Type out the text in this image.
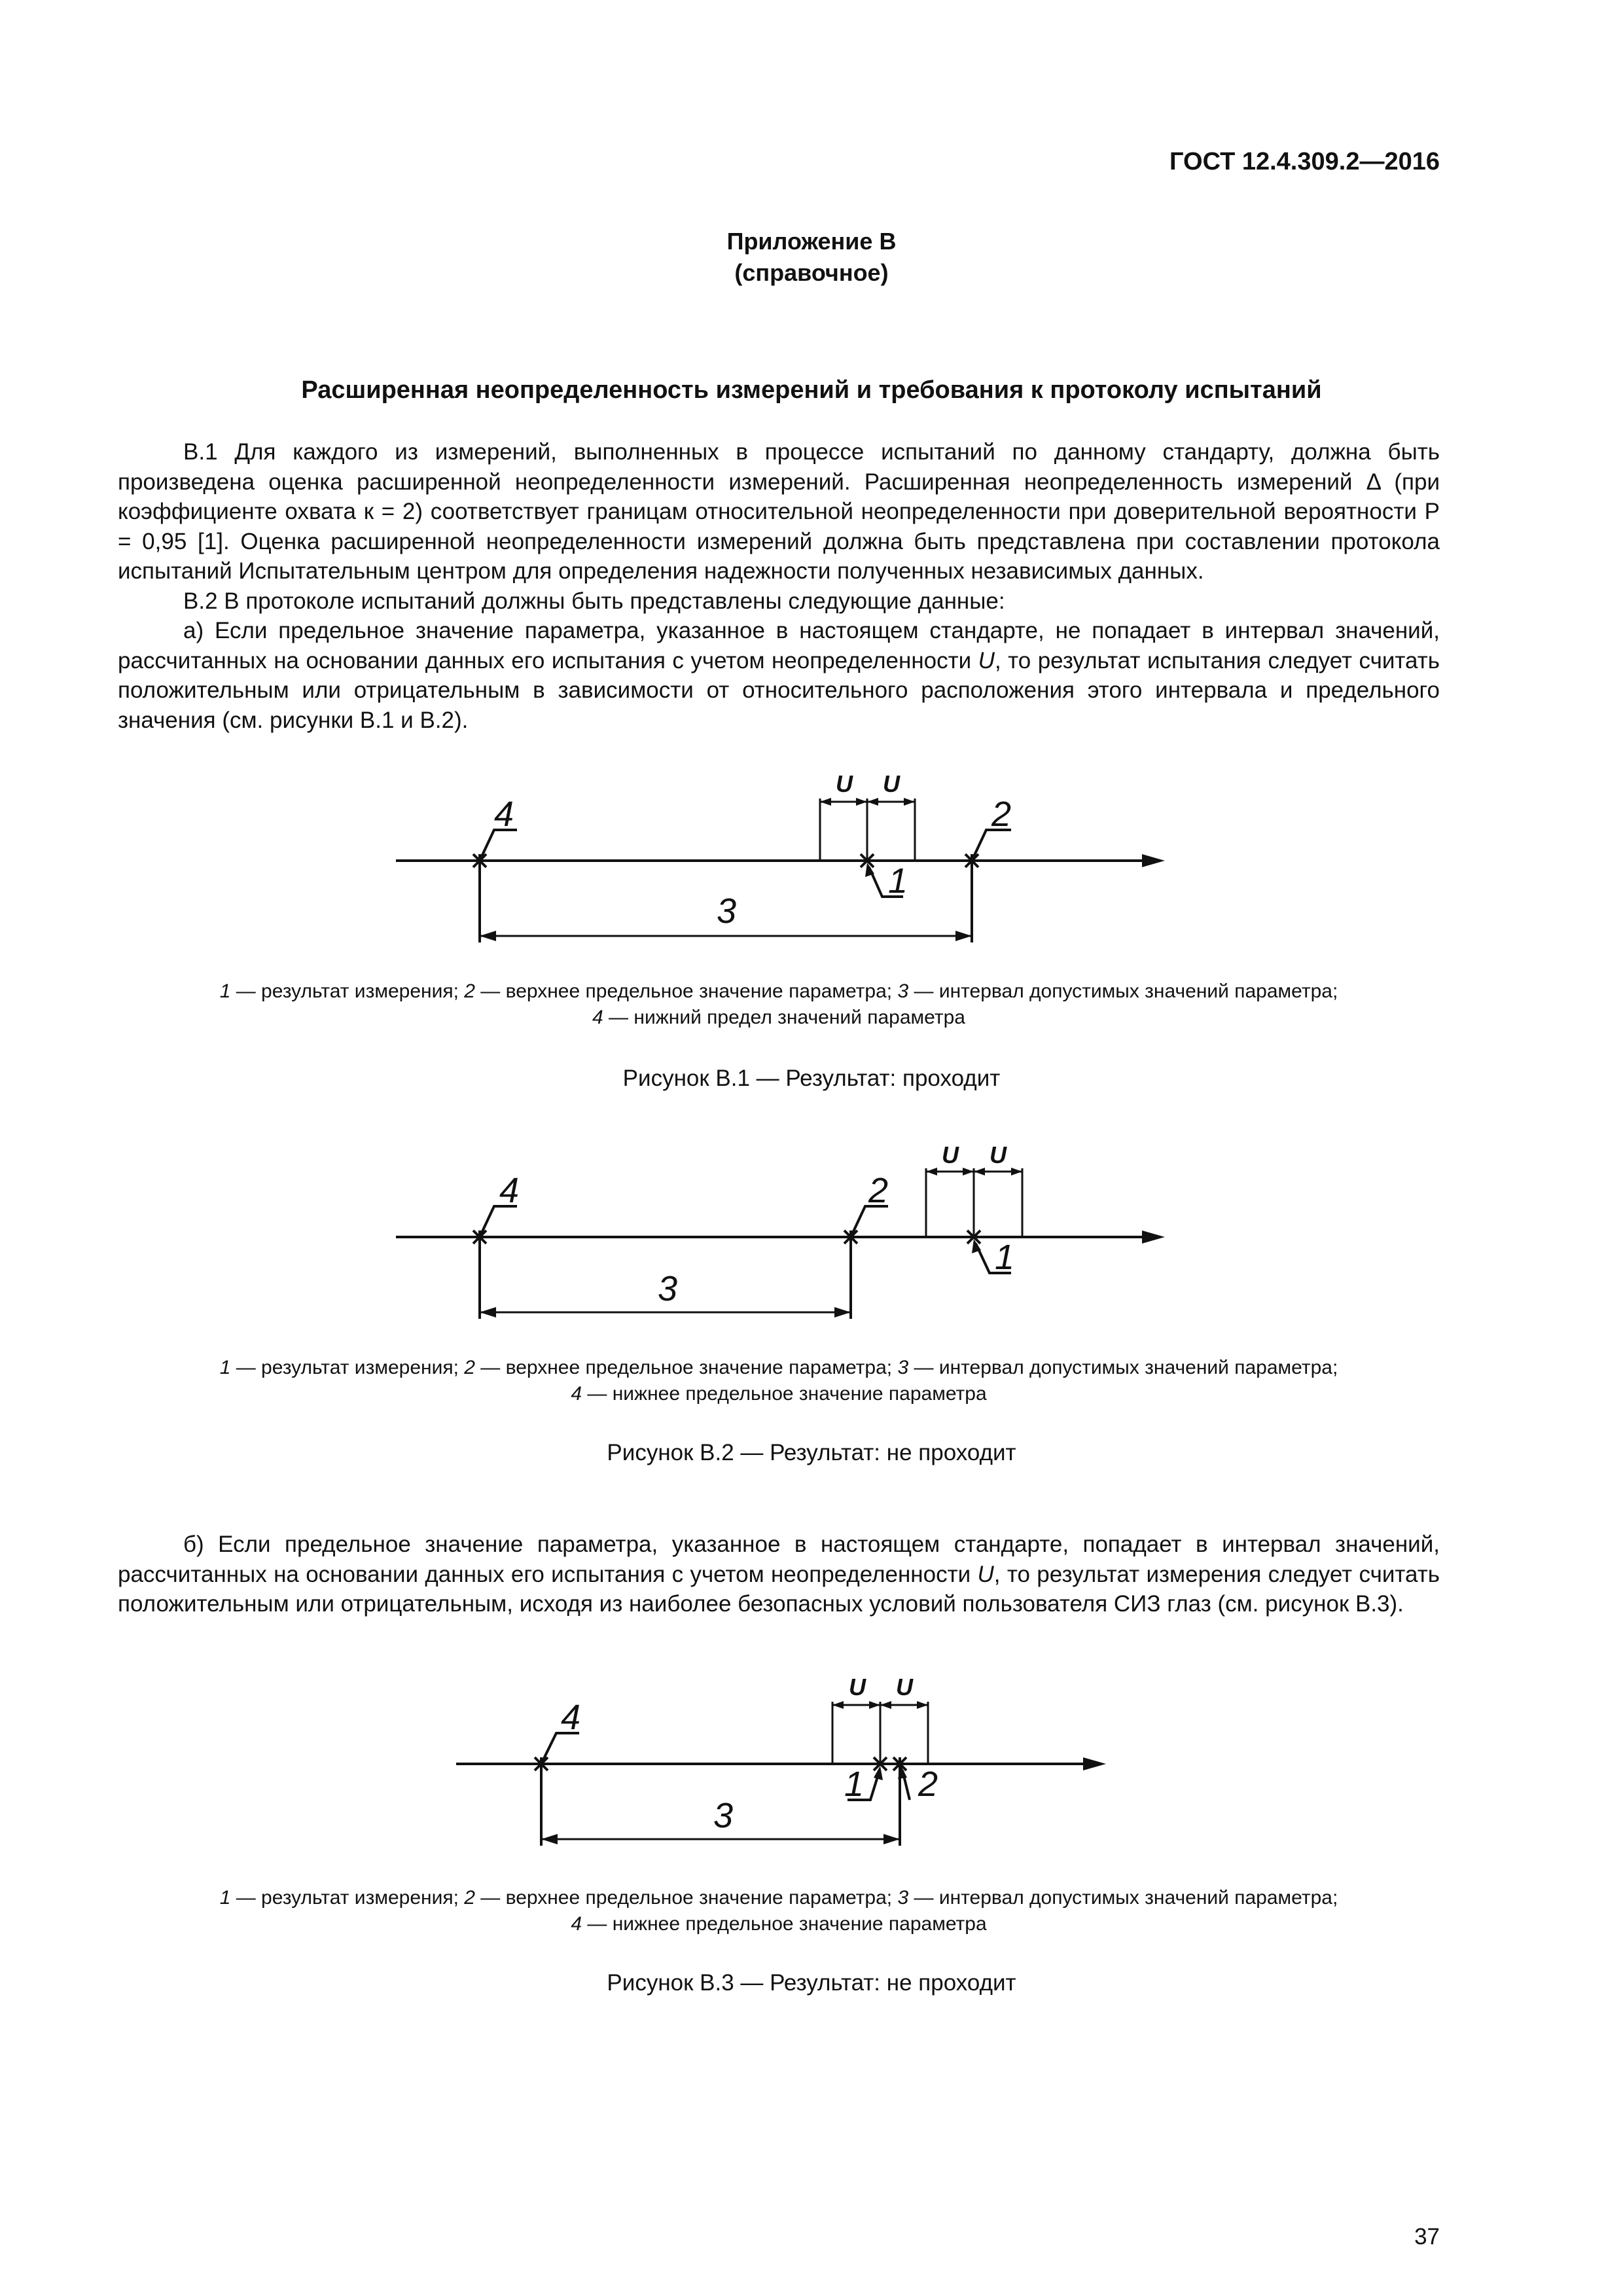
ГОСТ 12.4.309.2—2016
Приложение В
(справочное)
Расширенная неопределенность измерений и требования к протоколу испытаний

В.1 Для каждого из измерений, выполненных в процессе испытаний по данному стандарту, должна быть произведена оценка расширенной неопределенности измерений. Расширенная неопределенность измерений Δ (при коэффициенте охвата к = 2) соответствует границам относительной неопределенности при доверительной вероятности Р = 0,95 [1]. Оценка расширенной неопределенности измерений должна быть представлена при составлении протокола испытаний Испытательным центром для определения надежности полученных независимых данных.

В.2 В протоколе испытаний должны быть представлены следующие данные:

а) Если предельное значение параметра, указанное в настоящем стандарте, не попадает в интервал значений, рассчитанных на основании данных его испытания с учетом неопределенности U, то результат испытания следует считать положительным или отрицательным в зависимости от относительного расположения этого интервала и предельного значения (см. рисунки В.1 и В.2).

4	2
U U
1
3
1 — результат измерения; 2 — верхнее предельное значение параметра; 3 — интервал допустимых значений параметра;
4 — нижний предел значений параметра
Рисунок В.1 — Результат: проходит
4	2
U U
1
3
1 — результат измерения; 2 — верхнее предельное значение параметра; 3 — интервал допустимых значений параметра;
4 — нижнее предельное значение параметра
Рисунок В.2 — Результат: не проходит

б) Если предельное значение параметра, указанное в настоящем стандарте, попадает в интервал значений, рассчитанных на основании данных его испытания с учетом неопределенности U, то результат измерения следует считать положительным или отрицательным, исходя из наиболее безопасных условий пользователя СИЗ глаз (см. рисунок В.3).

4
U U
1 2
3
1 — результат измерения; 2 — верхнее предельное значение параметра; 3 — интервал допустимых значений параметра;
4 — нижнее предельное значение параметра
Рисунок В.3 — Результат: не проходит
37
